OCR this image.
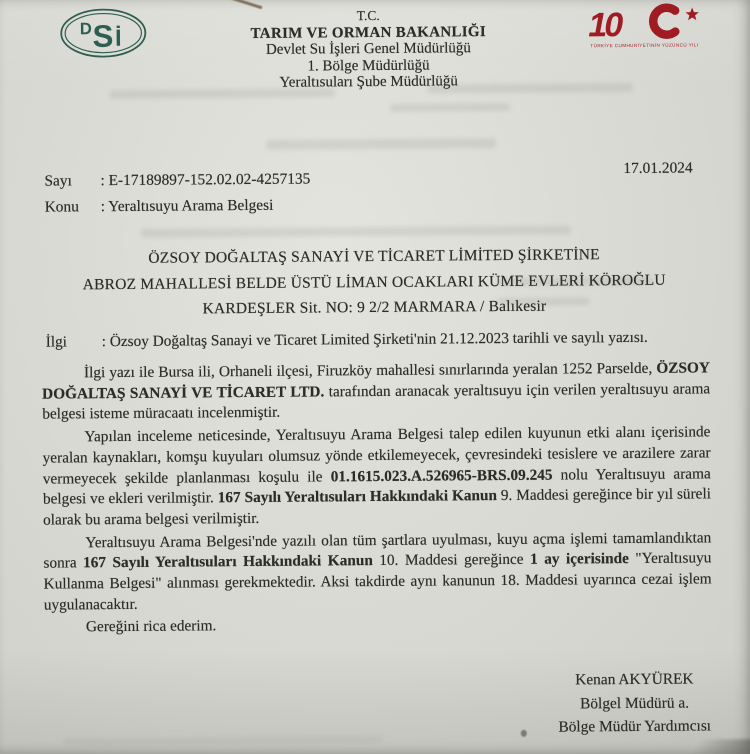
D S İ	1
0
TÜRKİYE CUMHURİYETİNİN YÜZÜNCÜ YILI
T.C.
TARIM VE ORMAN BAKANLIĞI
Devlet Su İşleri Genel Müdürlüğü
1. Bölge Müdürlüğü
Yeraltısuları Şube Müdürlüğü
Sayı : E-17189897-152.02.02-4257135
Konu : Yeraltısuyu Arama Belgesi
17.01.2024
ÖZSOY DOĞALTAŞ SANAYİ VE TİCARET LİMİTED ŞİRKETİNE
ABROZ MAHALLESİ BELDE ÜSTÜ LİMAN OCAKLARI KÜME EVLERİ KÖROĞLU
KARDEŞLER Sit. NO: 9 2/2 MARMARA / Balıkesir
İlgi : Özsoy Doğaltaş Sanayi ve Ticaret Limited Şirketi'nin 21.12.2023 tarihli ve sayılı yazısı.

İlgi yazı ile Bursa ili, Orhaneli ilçesi, Firuzköy mahallesi sınırlarında yeralan 1252 Parselde, ÖZSOY DOĞALTAŞ SANAYİ VE TİCARET LTD. tarafından aranacak yeraltısuyu için verilen yeraltısuyu arama belgesi isteme müracaatı incelenmiştir.

Yapılan inceleme neticesinde, Yeraltısuyu Arama Belgesi talep edilen kuyunun etki alanı içerisinde yeralan kaynakları, komşu kuyuları olumsuz yönde etkilemeyecek, çevresindeki tesislere ve arazilere zarar vermeyecek şekilde planlanması koşulu ile 01.1615.023.A.526965-BRS.09.245 nolu Yeraltısuyu arama belgesi ve ekleri verilmiştir. 167 Sayılı Yeraltısuları Hakkındaki Kanun 9. Maddesi gereğince bir yıl süreli olarak bu arama belgesi verilmiştir.

Yeraltısuyu Arama Belgesi'nde yazılı olan tüm şartlara uyulması, kuyu açma işlemi tamamlandıktan sonra 167 Sayılı Yeraltısuları Hakkındaki Kanun 10. Maddesi gereğince 1 ay içerisinde "Yeraltısuyu Kullanma Belgesi" alınması gerekmektedir. Aksi takdirde aynı kanunun 18. Maddesi uyarınca cezai işlem uygulanacaktır.

Gereğini rica ederim.

Kenan AKYÜREK
Bölgel Müdürü a.
Bölge Müdür Yardımcısı
